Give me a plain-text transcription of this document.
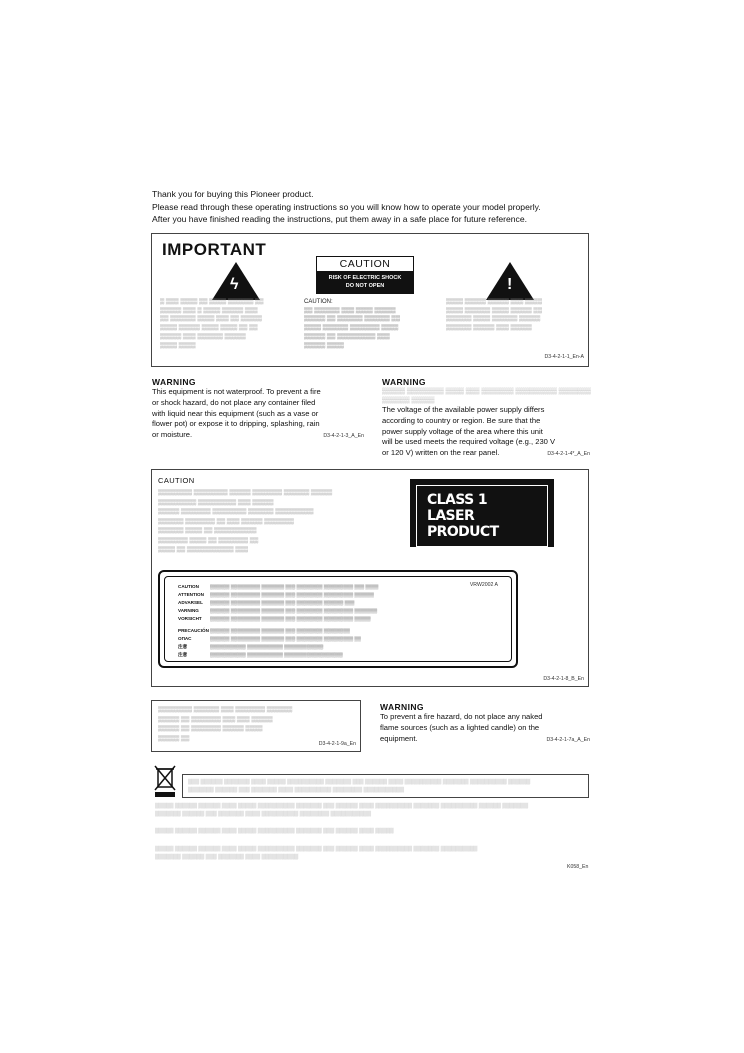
Thank you for buying this Pioneer product.
Please read through these operating instructions so you will know how to operate your model properly.
After you have finished reading the instructions, put them away in a safe place for future reference.
IMPORTANT
ϟ
CAUTION
RISK OF ELECTRIC SHOCK
DO NOT OPEN	!
▒ ▒▒▒ ▒▒▒▒ ▒▒ ▒▒▒▒ ▒▒▒▒▒▒ ▒▒
▒▒▒▒▒ ▒▒▒ ▒ ▒▒▒▒ ▒▒▒▒▒ ▒▒▒
▒▒ ▒▒▒▒▒▒ ▒▒▒▒ ▒▒▒ ▒▒ ▒▒▒▒▒
▒▒▒▒ ▒▒▒▒▒ ▒▒▒▒ ▒▒▒▒ ▒▒ ▒▒
▒▒▒▒▒ ▒▒▒ ▒▒▒▒▒▒ ▒▒▒▒▒
▒▒▒▒ ▒▒▒▒
CAUTION:
▒▒ ▒▒▒▒▒▒ ▒▒▒ ▒▒▒▒ ▒▒▒▒▒
▒▒▒▒▒ ▒▒ ▒▒▒▒▒▒ ▒▒▒▒▒▒ ▒▒
▒▒▒▒ ▒▒▒▒▒▒ ▒▒▒▒▒▒▒ ▒▒▒▒
▒▒▒▒▒ ▒▒ ▒▒▒▒▒▒▒▒▒ ▒▒▒
▒▒▒▒▒ ▒▒▒▒
▒▒▒▒ ▒▒▒▒▒ ▒▒▒▒▒ ▒▒▒ ▒▒▒▒
▒▒▒▒ ▒▒▒▒▒▒ ▒▒▒▒ ▒▒▒▒▒ ▒▒
▒▒▒▒▒▒ ▒▒▒▒ ▒▒▒▒▒▒ ▒▒▒▒▒
▒▒▒▒▒▒ ▒▒▒▒▒ ▒▒▒ ▒▒▒▒▒
D3-4-2-1-1_En-A
WARNING
This equipment is not waterproof. To prevent a fire
or shock hazard, do not place any container filed
with liquid near this equipment (such as a vase or
flower pot) or expose it to dripping, splashing, rain
or moisture.	D3-4-2-1-3_A_En
WARNING
▒▒▒▒▒ ▒▒▒▒▒▒▒▒ ▒▒▒▒ ▒▒▒ ▒▒▒▒▒▒▒ ▒▒▒▒▒▒▒▒▒ ▒▒▒▒▒▒▒
▒▒▒▒▒▒ ▒▒▒▒▒
The voltage of the available power supply differs
according to country or region. Be sure that the
power supply voltage of the area where this unit
will be used meets the required voltage (e.g., 230 V
or 120 V) written on the rear panel.	D3-4-2-1-4*_A_En
CAUTION
▒▒▒▒▒▒▒▒ ▒▒▒▒▒▒▒▒ ▒▒▒▒▒ ▒▒▒▒▒▒▒ ▒▒▒▒▒▒ ▒▒▒▒▒
▒▒▒▒▒▒▒▒▒ ▒▒▒▒▒▒▒▒▒ ▒▒▒ ▒▒▒▒▒
▒▒▒▒▒ ▒▒▒▒▒▒▒ ▒▒▒▒▒▒▒▒ ▒▒▒▒▒▒ ▒▒▒▒▒▒▒▒▒
▒▒▒▒▒▒ ▒▒▒▒▒▒▒ ▒▒ ▒▒▒ ▒▒▒▒▒ ▒▒▒▒▒▒▒
▒▒▒▒▒▒ ▒▒▒▒ ▒▒ ▒▒▒▒▒▒▒▒▒▒
▒▒▒▒▒▒▒ ▒▒▒▒ ▒▒ ▒▒▒▒▒▒▒ ▒▒
▒▒▒▒ ▒▒ ▒▒▒▒▒▒▒▒▒▒▒ ▒▒▒
CLASS 1
LASER PRODUCT
VRW2002 A
CAUTION ▒▒▒▒▒▒ ▒▒▒▒▒▒▒▒▒ ▒▒▒▒▒▒▒ ▒▒▒ ▒▒▒▒▒▒▒▒ ▒▒▒▒▒▒▒▒▒ ▒▒▒ ▒▒▒▒
ATTENTION ▒▒▒▒▒▒ ▒▒▒▒▒▒▒▒▒ ▒▒▒▒▒▒▒ ▒▒▒ ▒▒▒▒▒▒▒▒ ▒▒▒▒▒▒▒▒▒ ▒▒▒▒▒▒
ADVARSEL ▒▒▒▒▒▒ ▒▒▒▒▒▒▒▒▒ ▒▒▒▒▒▒▒ ▒▒▒ ▒▒▒▒▒▒▒▒ ▒▒▒▒▒▒ ▒▒▒
VARNING ▒▒▒▒▒▒ ▒▒▒▒▒▒▒▒▒ ▒▒▒▒▒▒▒ ▒▒▒ ▒▒▒▒▒▒▒▒ ▒▒▒▒▒▒▒▒▒ ▒▒▒▒▒▒▒
VORSICHT ▒▒▒▒▒▒ ▒▒▒▒▒▒▒▒▒ ▒▒▒▒▒▒▒ ▒▒▒ ▒▒▒▒▒▒▒▒ ▒▒▒▒▒▒▒▒▒ ▒▒▒▒▒
PRECAUCIÓN▒▒▒▒▒▒ ▒▒▒▒▒▒▒▒▒ ▒▒▒▒▒▒▒ ▒▒▒ ▒▒▒▒▒▒▒▒ ▒▒▒▒▒▒▒▒
ОПАС	▒▒▒▒▒▒ ▒▒▒▒▒▒▒▒▒ ▒▒▒▒▒▒▒ ▒▒▒ ▒▒▒▒▒▒▒▒ ▒▒▒▒▒▒▒▒▒ ▒▒
注意	▒▒▒▒▒▒▒▒▒▒▒ ▒▒▒▒▒▒▒▒▒▒▒ ▒▒▒▒▒▒▒▒▒▒▒▒
注意	▒▒▒▒▒▒▒▒▒▒▒ ▒▒▒▒▒▒▒▒▒▒▒ ▒▒▒▒▒▒▒▒▒▒▒▒▒▒▒▒▒▒
D3-4-2-1-8_B_En
▒▒▒▒▒▒▒▒ ▒▒▒▒▒▒ ▒▒▒ ▒▒▒▒▒▒▒ ▒▒▒▒▒▒
▒▒▒▒▒ ▒▒ ▒▒▒▒▒▒▒ ▒▒▒ ▒▒▒ ▒▒▒▒▒
▒▒▒▒▒ ▒▒ ▒▒▒▒▒▒▒ ▒▒▒▒▒ ▒▒▒▒
▒▒▒▒▒ ▒▒
D3-4-2-1-9a_En
WARNING
To prevent a fire hazard, do not place any naked
flame sources (such as a lighted candle) on the
equipment.	D3-4-2-1-7a_A_En
▒▒▒ ▒▒▒▒▒▒ ▒▒▒▒▒▒▒ ▒▒▒▒ ▒▒▒▒▒ ▒▒▒▒▒▒▒▒▒▒ ▒▒▒▒▒▒▒ ▒▒▒ ▒▒▒▒▒▒ ▒▒▒▒ ▒▒▒▒▒▒▒▒▒▒ ▒▒▒▒▒▒▒ ▒▒▒▒▒▒▒▒▒▒ ▒▒▒▒▒▒
▒▒▒▒▒▒▒ ▒▒▒▒▒▒ ▒▒▒ ▒▒▒▒▒▒▒ ▒▒▒▒ ▒▒▒▒▒▒▒▒▒▒ ▒▒▒▒▒▒▒▒ ▒▒▒▒▒▒▒▒▒▒▒
▒▒▒▒▒ ▒▒▒▒▒▒ ▒▒▒▒▒▒ ▒▒▒▒ ▒▒▒▒▒ ▒▒▒▒▒▒▒▒▒▒ ▒▒▒▒▒▒▒ ▒▒▒ ▒▒▒▒▒▒ ▒▒▒▒ ▒▒▒▒▒▒▒▒▒▒ ▒▒▒▒▒▒▒ ▒▒▒▒▒▒▒▒▒▒ ▒▒▒▒▒▒ ▒▒▒▒▒▒▒
▒▒▒▒▒▒▒ ▒▒▒▒▒▒ ▒▒▒ ▒▒▒▒▒▒▒ ▒▒▒▒ ▒▒▒▒▒▒▒▒▒▒ ▒▒▒▒▒▒▒▒ ▒▒▒▒▒▒▒▒▒▒▒
▒▒▒▒▒ ▒▒▒▒▒▒ ▒▒▒▒▒▒ ▒▒▒▒ ▒▒▒▒▒ ▒▒▒▒▒▒▒▒▒▒ ▒▒▒▒▒▒▒ ▒▒▒ ▒▒▒▒▒▒ ▒▒▒▒ ▒▒▒▒▒
▒▒▒▒▒ ▒▒▒▒▒▒ ▒▒▒▒▒▒ ▒▒▒▒ ▒▒▒▒▒ ▒▒▒▒▒▒▒▒▒▒ ▒▒▒▒▒▒▒ ▒▒▒ ▒▒▒▒▒▒ ▒▒▒▒ ▒▒▒▒▒▒▒▒▒▒ ▒▒▒▒▒▒▒ ▒▒▒▒▒▒▒▒▒▒
▒▒▒▒▒▒▒ ▒▒▒▒▒▒ ▒▒▒ ▒▒▒▒▒▒▒ ▒▒▒▒ ▒▒▒▒▒▒▒▒▒▒
K058_En
